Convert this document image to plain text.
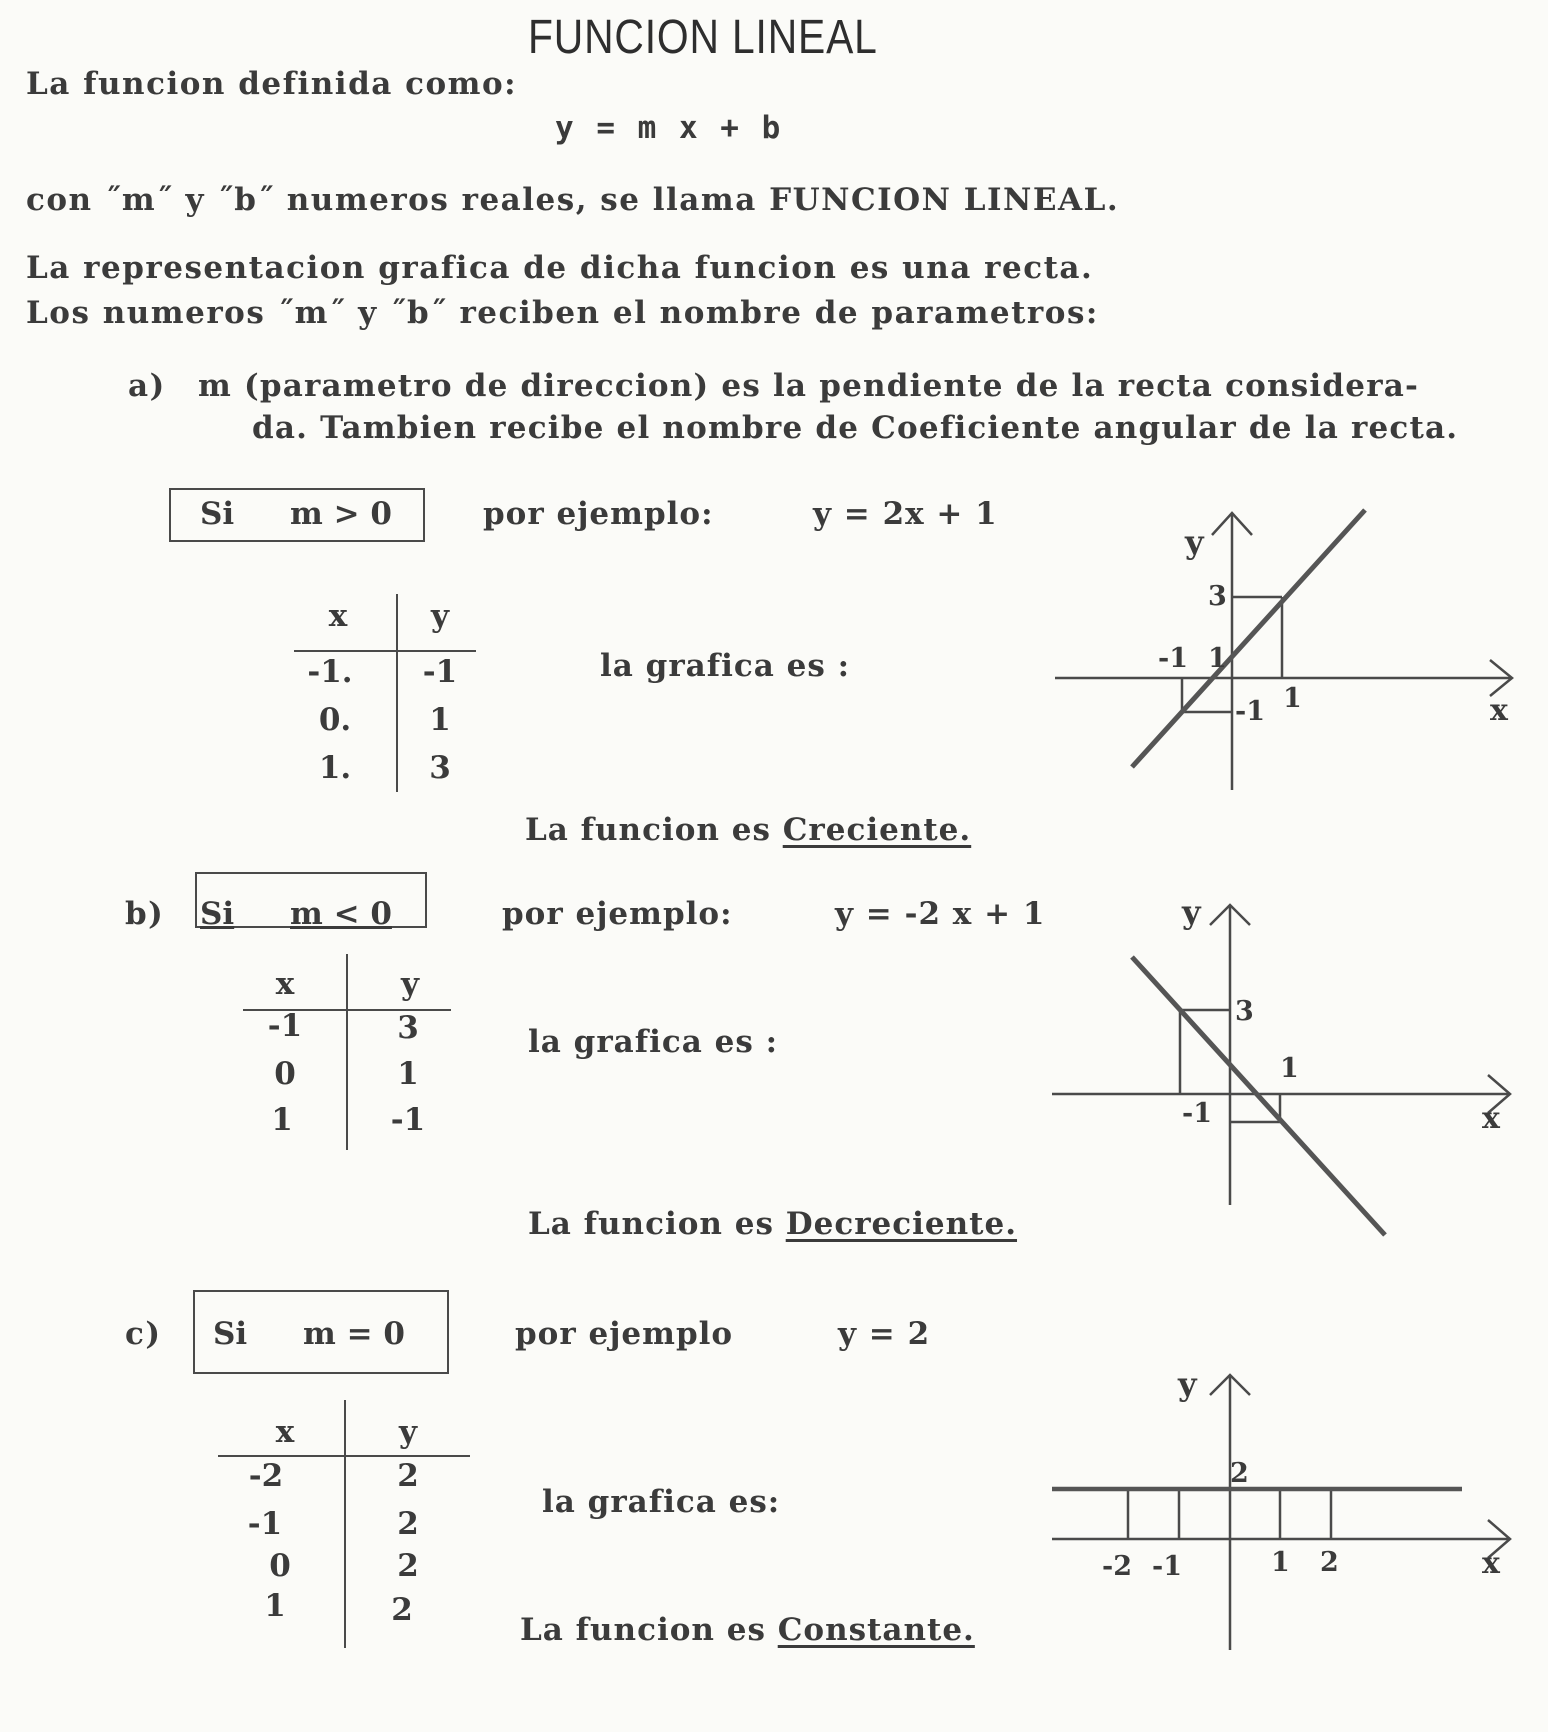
FUNCION LINEAL
La funcion definida como:
y = m x + b
con ˝m˝ y ˝b˝ numeros reales, se llama FUNCION LINEAL.
La representacion grafica de dicha funcion es una recta.
Los numeros ˝m˝ y ˝b˝ reciben el nombre de parametros:
a) m (parametro de direccion) es la pendiente de la recta considera-
da. Tambien recibe el nombre de Coeficiente angular de la recta.
Si m > 0	por ejemplo:	y = 2x + 1
x	y
-1.	-1
0.	1
1.	3
la grafica es :
La funcion es Creciente.
y
x
3
-1 1
-1 1
b) Si m < 0	por ejemplo:	y = -2 x + 1
x	y
-1	3
0	1
1	-1
la grafica es :
La funcion es Decreciente.
y
3
1
-1	x
c) Si m = 0	por ejemplo	y = 2
x	y
-2	2
-1	2
0	2
1	2
la grafica es:
La funcion es Constante.
y
2
-2 -1	1 2	x
